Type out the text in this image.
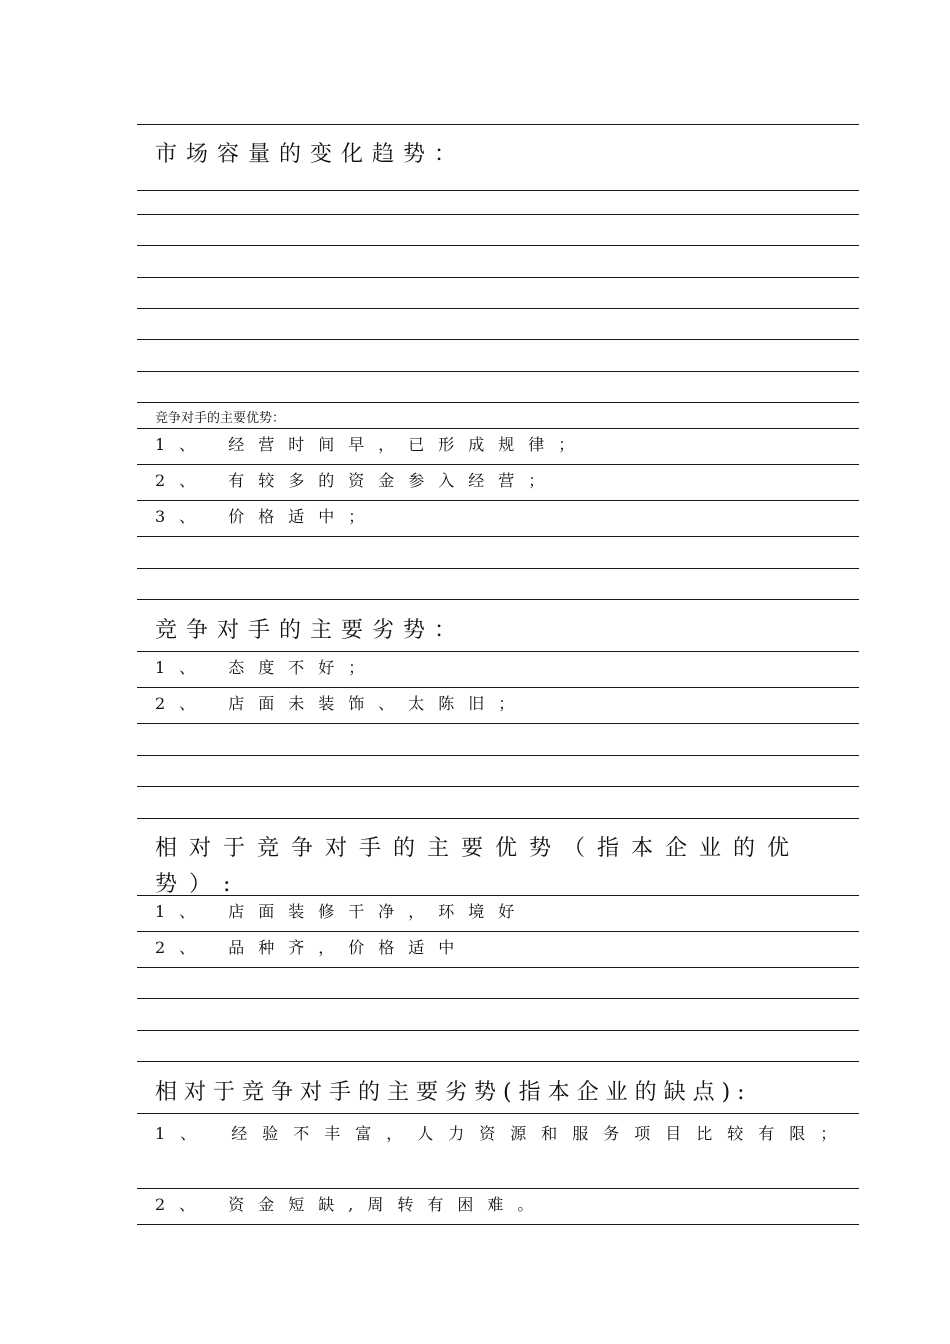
市场容量的变化趋势：
竞争对手的主要优势：
1、 经营时间早，已形成规律；
2、 有较多的资金参入经营；
3、 价格适中；
竞争对手的主要劣势：
1、 态度不好；
2、 店面未装饰、太陈旧；
相对于竞争对手的主要优势（指本企业的优势）:
1、 店面装修干净，环境好
2、 品种齐，价格适中
相对于竞争对手的主要劣势(指本企业的缺点):
1、 经验不丰富，人力资源和服务项目比较有限；
2、 资金短缺,周转有困难。
